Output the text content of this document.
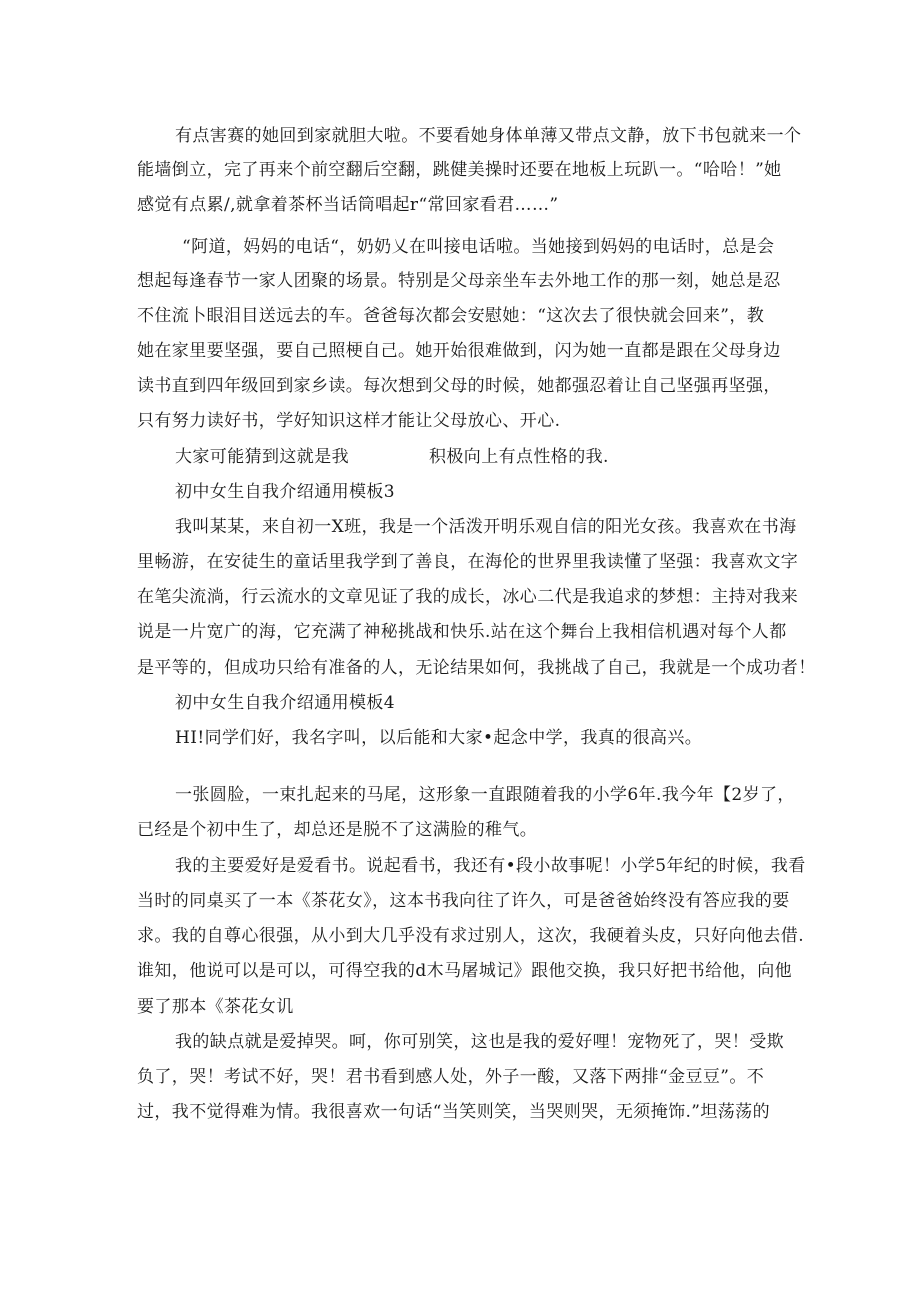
有点害赛的她回到家就胆大啦。不要看她身体单薄又带点文静，放下书包就来一个
能墙倒立，完了再来个前空翻后空翻，跳健美操时还要在地板上玩趴一。“哈哈！”她
感觉有点累/,就拿着茶杯当话筒唱起r“常回家看君……”
“阿道，妈妈的电话“，奶奶乂在叫接电话啦。当她接到妈妈的电话时，总是会
想起每逢春节一家人团聚的场景。特别是父母亲坐车去外地工作的那一刻，她总是忍
不住流卜眼泪目送远去的车。爸爸每次都会安慰她：“这次去了很快就会回来”，教
她在家里要坚强，要自己照梗自己。她开始很难做到，闪为她一直都是跟在父母身边
读书直到四年级回到家乡读。每次想到父母的时候，她都强忍着让自己坚强再坚强，
只有努力读好书，学好知识这样才能让父母放心、开心.
大家可能猜到这就是我	积极向上有点性格的我.
初中女生自我介绍通用模板3
我叫某某，来自初一X班，我是一个活泼开明乐观自信的阳光女孩。我喜欢在书海
里畅游，在安徒生的童话里我学到了善良，在海伦的世界里我读懂了坚强：我喜欢文字
在笔尖流淌，行云流水的文章见证了我的成长，冰心二代是我追求的梦想：主持对我来
说是一片宽广的海，它充满了神秘挑战和快乐.站在这个舞台上我相信机遇对每个人都
是平等的，但成功只给有准备的人，无论结果如何，我挑战了自己，我就是一个成功者！
初中女生自我介绍通用模板4
HI!同学们好，我名字叫，以后能和大家•起念中学，我真的很高兴。
一张圆脸，一束扎起来的马尾，这形象一直跟随着我的小学6年.我今年【2岁了，
已经是个初中生了，却总还是脱不了这满脸的稚气。
我的主要爱好是爱看书。说起看书，我还有•段小故事呢！小学5年纪的时候，我看
当时的同桌买了一本《茶花女》，这本书我向往了许久，可是爸爸始终没有答应我的要
求。我的自尊心很强，从小到大几乎没有求过别人，这次，我硬着头皮，只好向他去借.
谁知，他说可以是可以，可得空我的d木马屠城记》跟他交换，我只好把书给他，向他
要了那本《茶花女讥
我的缺点就是爱掉哭。呵，你可别笑，这也是我的爱好哩！宠物死了，哭！受欺
负了，哭！考试不好，哭！君书看到感人处，外子一酸，又落下两排“金豆豆”。不
过，我不觉得难为情。我很喜欢一句话“当笑则笑，当哭则哭，无须掩饰.”坦荡荡的
